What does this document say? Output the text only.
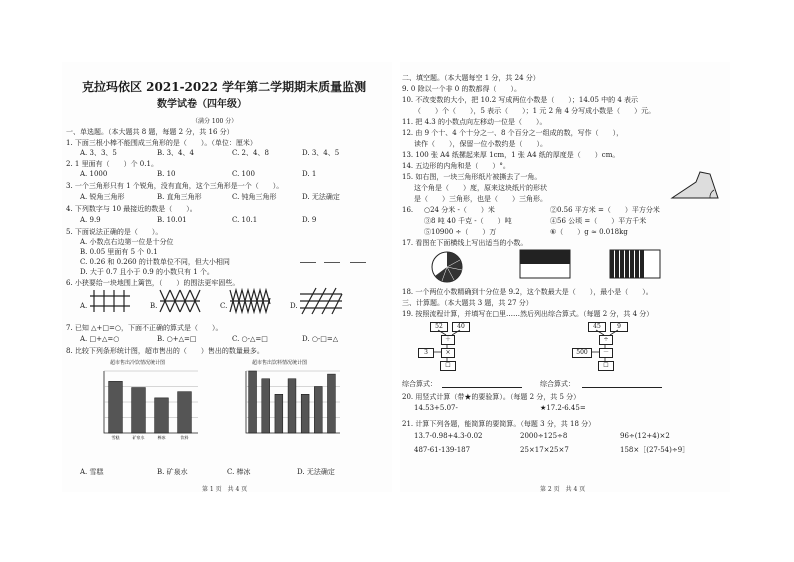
克拉玛依区 2021-2022 学年第二学期期末质量监测
数学试卷（四年级）
（满分 100 分）
一、单选题。（本大题共 8 题，每题 2 分，共 16 分）
1. 下面三根小棒不能围成三角形的是（　　）。（单位：厘米）
A. 3、3、5	B. 3、4、4	C. 2、4、8	D. 3、4、5
2. 1 里面有（　　）个 0.1。
A. 1000	B. 10	C. 100	D. 1
3. 一个三角形只有 1 个锐角，没有直角，这个三角形是一个（　　）。
A. 锐角三角形	B. 直角三角形	C. 钝角三角形	D. 无法确定
4. 下列数字与 10 最接近的数是（　　）。
A. 9.9	B. 10.01	C. 10.1	D. 9
5. 下面说法正确的是（　　）。
A. 小数点右边第一位是十分位
B. 0.05 里面有 5 个 0.1
C. 0.26 和 0.260 的计数单位不同，但大小相同
D. 大于 0.7 且小于 0.9 的小数只有 1 个。
6. 小狭要给一块地围上篱笆，（　　）的围法更牢固些。
A.	B.	C.	D.
7. 已知 △+□=○，下面不正确的算式是（　　）。
A. □+△=○	B. ○+△=□	C. ○-△=□	D. ○-□=△
8. 比较下列条形统计图，超市售出的（　　）售出的数量最多。
超市售出冷饮情况统计图	超市售出饮料情况统计图
雪糕	矿泉水	棒冰	饮料
A. 雪糕	B. 矿泉水	C. 棒冰	D. 无法确定
第 1 页　共 4 页
二、填空题。（本大题每空 1 分，共 24 分）
9. 0 除以一个非 0 的数都得（　　）。
10. 不改变数的大小，把 10.2 写成两位小数是（　　）；14.05 中的 4 表示
（　　）个（　　），5 表示（　　）；1 元 2 角 4 分写成小数是（　　）元。
11. 把 4.3 的小数点向左移动一位是（　　）。
12. 由 9 个十、4 个十分之一、8 个百分之一组成的数，写作（　　），
读作（　　），保留一位小数约是（　　）。
13. 100 张 A4 纸摞起来厚 1cm，1 张 A4 纸的厚度是（　　）cm。
14. 五边形的内角和是（　　）°。
15. 如右图，一块三角形纸片被撕去了一角。
这个角是（　　）度，原来这块纸片的形状
是（　　）三角形，也是（　　）三角形。
16. ○24 分米 -（　　）米	②0.56 平方米 =（　　）平方分米
③8 吨 40 千克 -（　　）吨	④56 公顷 =（　　）平方千米
⑤10900 ÷（　　）万	⑥（　　）g ≈ 0.018kg
17. 看图在下面横线上写出适当的小数。
18. 一个两位小数精确到十分位是 9.2，这个数最大是（　　），最小是（　　）。
三、计算题。（本大题共 3 题，共 27 分）
19. 按照流程计算，并填写在□里……然后列出综合算式。（每题 2 分，共 4 分）
52	40
＋
3	×
☐
45	9
÷
500	－
☐
综合算式：	综合算式：
20. 用竖式计算（带★的要验算）。（每题 2 分，共 5 分）
14.53+5.07-	★17.2-6.45=
21. 计算下列各题，能简算的要简算。（每题 3 分，共 18 分）
13.7-0.98+4.3-0.02	2000÷125÷8	96÷(12+4)×2
487-61-139-187	25×17×25×7	158×［(27-54)÷9］
第 2 页　共 4 页
